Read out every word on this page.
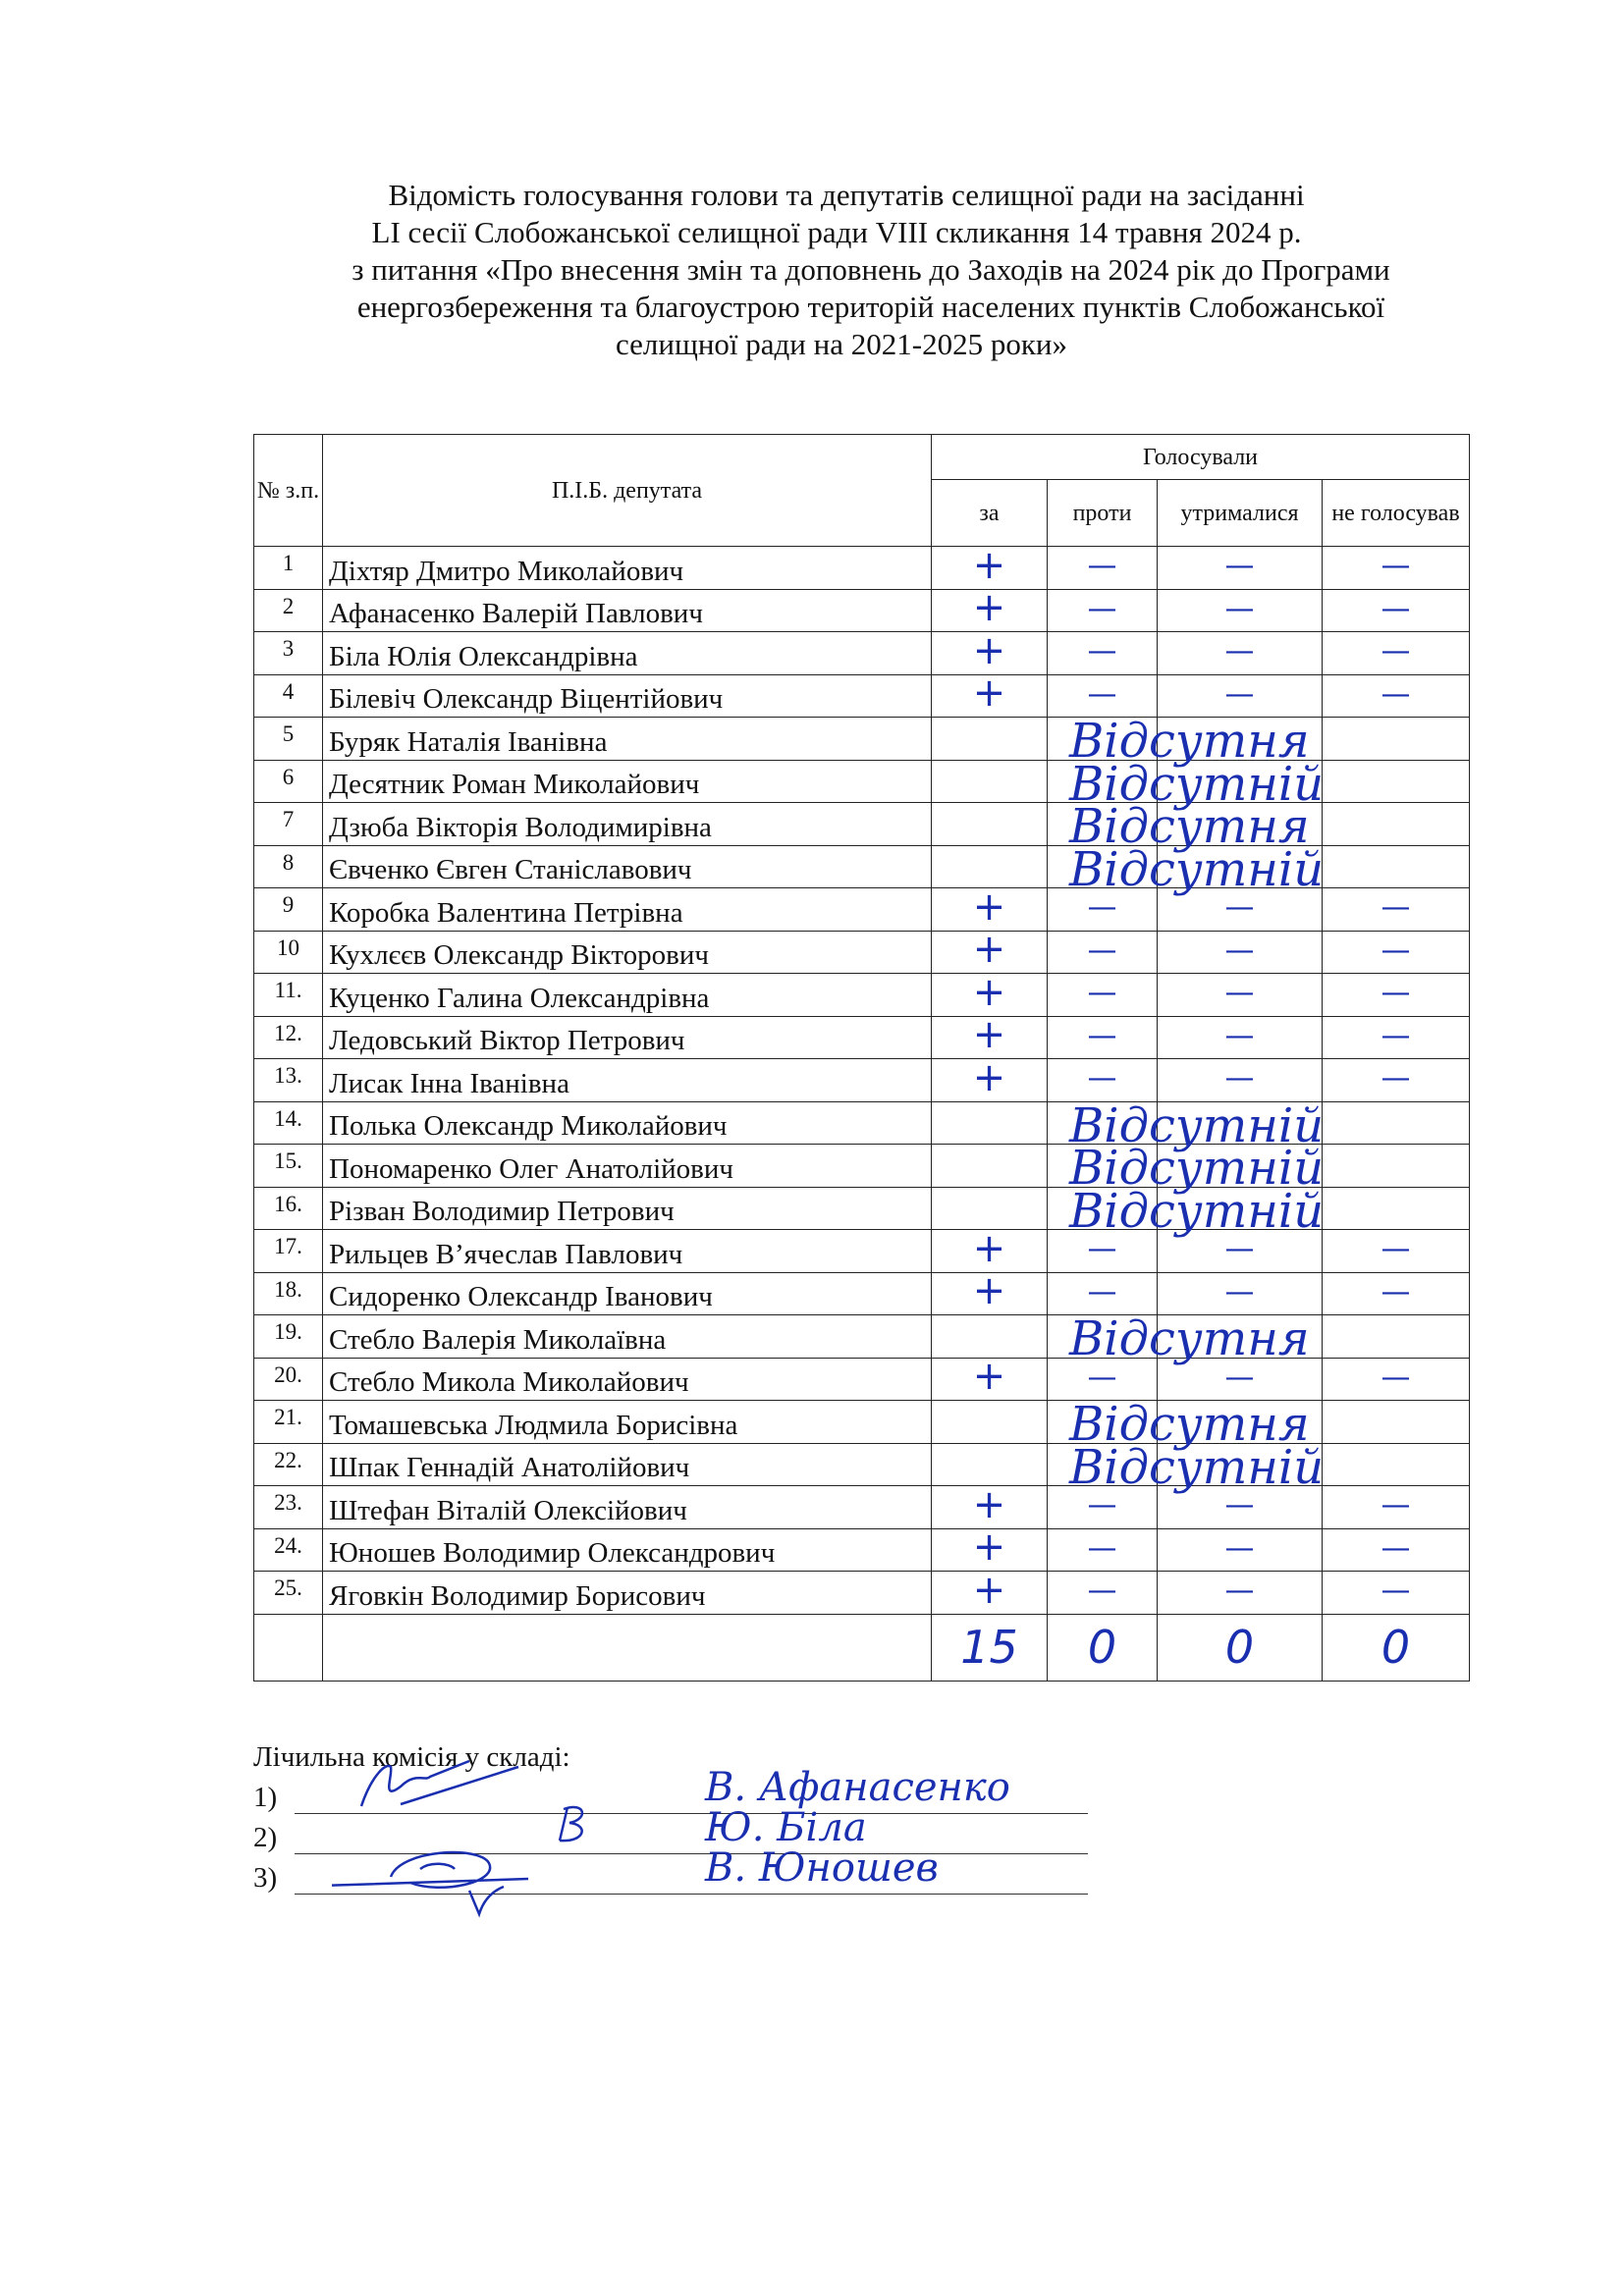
Відомість голосування голови та депутатів селищної ради на засіданні
LI сесії Слобожанської селищної ради VIII скликання 14 травня 2024 р.
з питання «Про внесення змін та доповнень до Заходів на 2024 рік до Програми
енергозбереження та благоустрою територій населених пунктів Слобожанської
селищної ради на 2021-2025 роки»
№ з.п.	П.І.Б. депутата	Голосували			
		за	проти	утрималися	не голосував
1	Діхтяр Дмитро Миколайович	+	—	—	—
2	Афанасенко Валерій Павлович	+	—	—	—
3	Біла Юлія Олександрівна	+	—	—	—
4	Білевіч Олександр Віцентійович	+	—	—	—
5	Буряк Наталія Іванівна	Відсутня			

6	Десятник Роман Миколайович	Відсутній			

7	Дзюба Вікторія Володимирівна	Відсутня			

8	Євченко Євген Станіславович	Відсутній			

9	Коробка Валентина Петрівна	+	—	—	—
10	Кухлєєв Олександр Вікторович	+	—	—	—
11.	Куценко Галина Олександрівна	+	—	—	—
12.	Ледовський Віктор Петрович	+	—	—	—
13.	Лисак Інна Іванівна	+	—	—	—
14.	Полька Олександр Миколайович	Відсутній			

15.	Пономаренко Олег Анатолійович	Відсутній			

16.	Різван Володимир Петрович	Відсутній			

17.	Рильцев В’ячеслав Павлович	+	—	—	—
18.	Сидоренко Олександр Іванович	+	—	—	—
19.	Стебло Валерія Миколаївна	Відсутня			

20.	Стебло Микола Миколайович	+	—	—	—
21.	Томашевська Людмила Борисівна	Відсутня			

22.	Шпак Геннадій Анатолійович	Відсутній			

23.	Штефан Віталій Олексійович	+	—	—	—
24.	Юношев Володимир Олександрович	+	—	—	—
25.	Яговкін Володимир Борисович	+	—	—	—
		15	0	0	0
Лічильна комісія у складі:
1)	В. Афанасенко
2)	Ю. Біла
3)	В. Юношев
